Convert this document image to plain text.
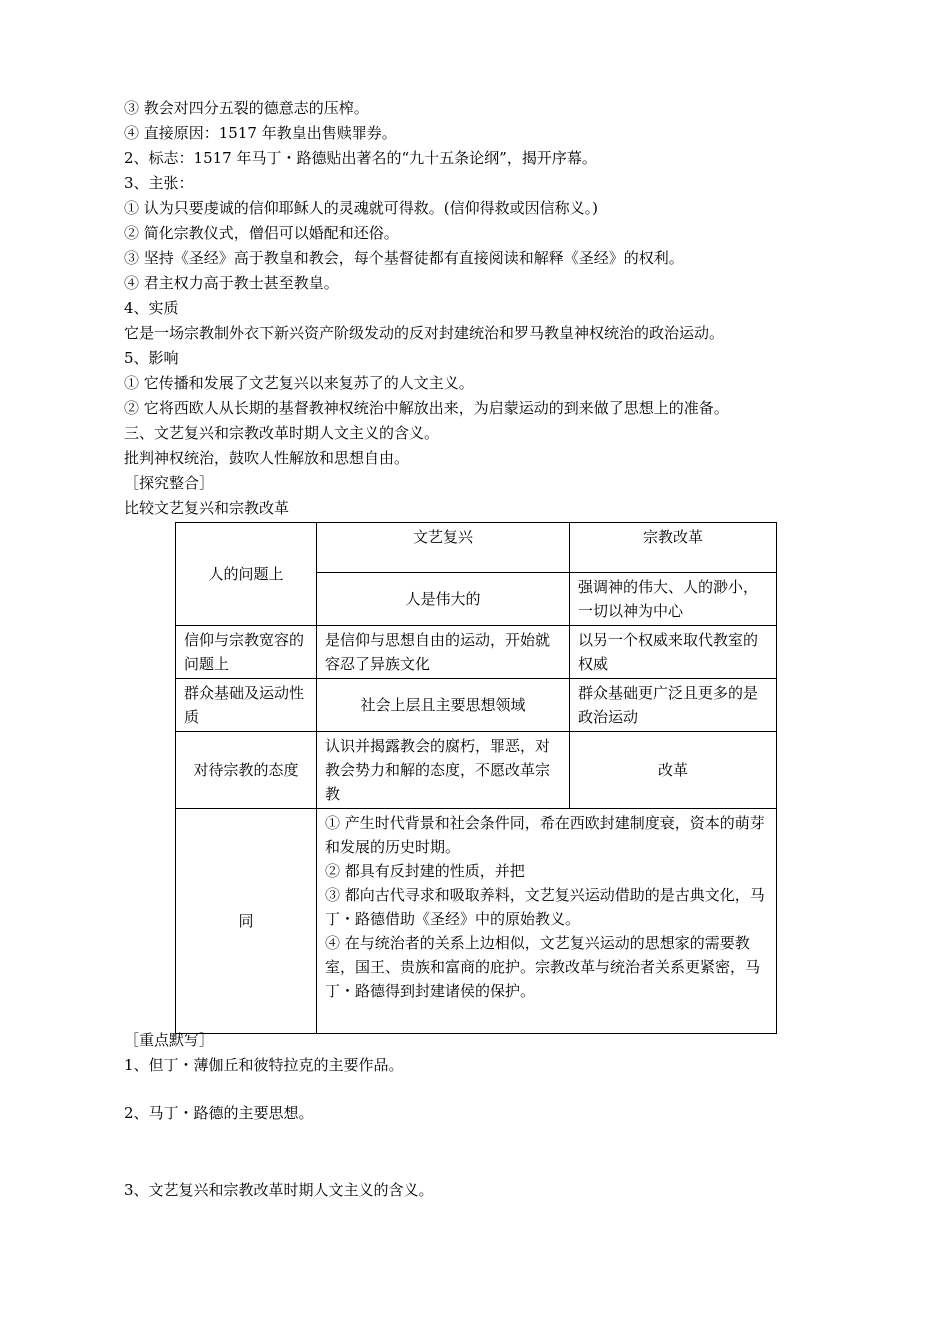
③ 教会对四分五裂的德意志的压榨。
④ 直接原因：1517 年教皇出售赎罪券。
2、标志：1517 年马丁・路德贴出著名的“九十五条论纲”，揭开序幕。
3、主张：
① 认为只要虔诚的信仰耶稣人的灵魂就可得救。(信仰得救或因信称义。)
② 简化宗教仪式，僧侣可以婚配和还俗。
③ 坚持《圣经》高于教皇和教会，每个基督徒都有直接阅读和解释《圣经》的权利。
④ 君主权力高于教士甚至教皇。
4、实质
它是一场宗教制外衣下新兴资产阶级发动的反对封建统治和罗马教皇神权统治的政治运动。
5、影响
① 它传播和发展了文艺复兴以来复苏了的人文主义。
② 它将西欧人从长期的基督教神权统治中解放出来，为启蒙运动的到来做了思想上的准备。
三、文艺复兴和宗教改革时期人文主义的含义。
批判神权统治，鼓吹人性解放和思想自由。
［探究整合］
比较文艺复兴和宗教改革
人的问题上	文艺复兴	宗教改革
	人是伟大的	强调神的伟大、人的渺小，一切以神为中心
信仰与宗教宽容的问题上	是信仰与思想自由的运动，开始就容忍了异族文化	以另一个权威来取代教室的权威
群众基础及运动性质	社会上层且主要思想领域	群众基础更广泛且更多的是政治运动
对待宗教的态度	认识并揭露教会的腐朽，罪恶，对教会势力和解的态度，不愿改革宗教	改革
同	① 产生时代背景和社会条件同，希在西欧封建制度衰，资本的萌芽和发展的历史时期。
② 都具有反封建的性质，并把
③ 都向古代寻求和吸取养料，文艺复兴运动借助的是古典文化，马丁・路德借助《圣经》中的原始教义。
④ 在与统治者的关系上边相似，文艺复兴运动的思想家的需要教室，国王、贵族和富商的庇护。宗教改革与统治者关系更紧密，马丁・路德得到封建诸侯的保护。	
［重点默写］
1、但丁・薄伽丘和彼特拉克的主要作品。
2、马丁・路德的主要思想。
3、文艺复兴和宗教改革时期人文主义的含义。
